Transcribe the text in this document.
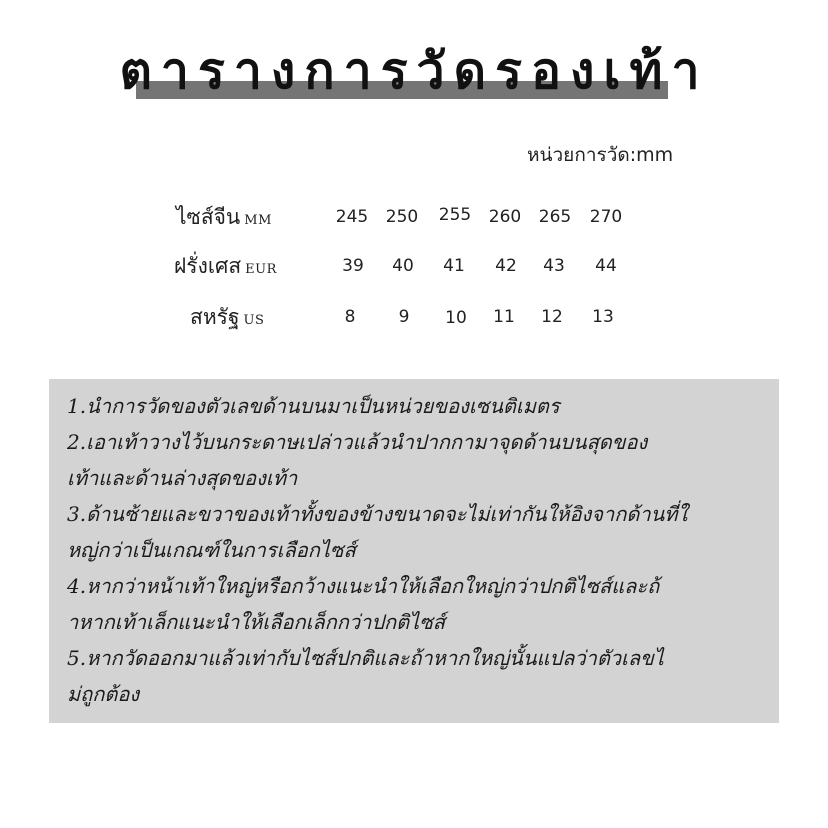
ตารางการวัดรองเท้า
หน่วยการวัด:mm
ไซส์จีน MM	245	250	255	260	265	270
ฝรั่งเศส EUR	39	40	41	42	43	44
สหรัฐ US	8	9	10	11	12	13
1.นำการวัดของตัวเลขด้านบนมาเป็นหน่วยของเซนติเมตร
2.เอาเท้าวางไว้บนกระดาษเปล่าวแล้วนำปากกามาจุดด้านบนสุดของ
เท้าและด้านล่างสุดของเท้า
3.ด้านซ้ายและขวาของเท้าทั้งของข้างขนาดจะไม่เท่ากันให้อิงจากด้านที่ใ
หญ่กว่าเป็นเกณฑ์ในการเลือกไซส์
4.หากว่าหน้าเท้าใหญ่หรือกว้างแนะนำให้เลือกใหญ่กว่าปกติไซส์และถ้
าหากเท้าเล็กแนะนำให้เลือกเล็กกว่าปกติไซส์
5.หากวัดออกมาแล้วเท่ากับไซส์ปกติและถ้าหากใหญ่นั้นแปลว่าตัวเลขไ
ม่ถูกต้อง
